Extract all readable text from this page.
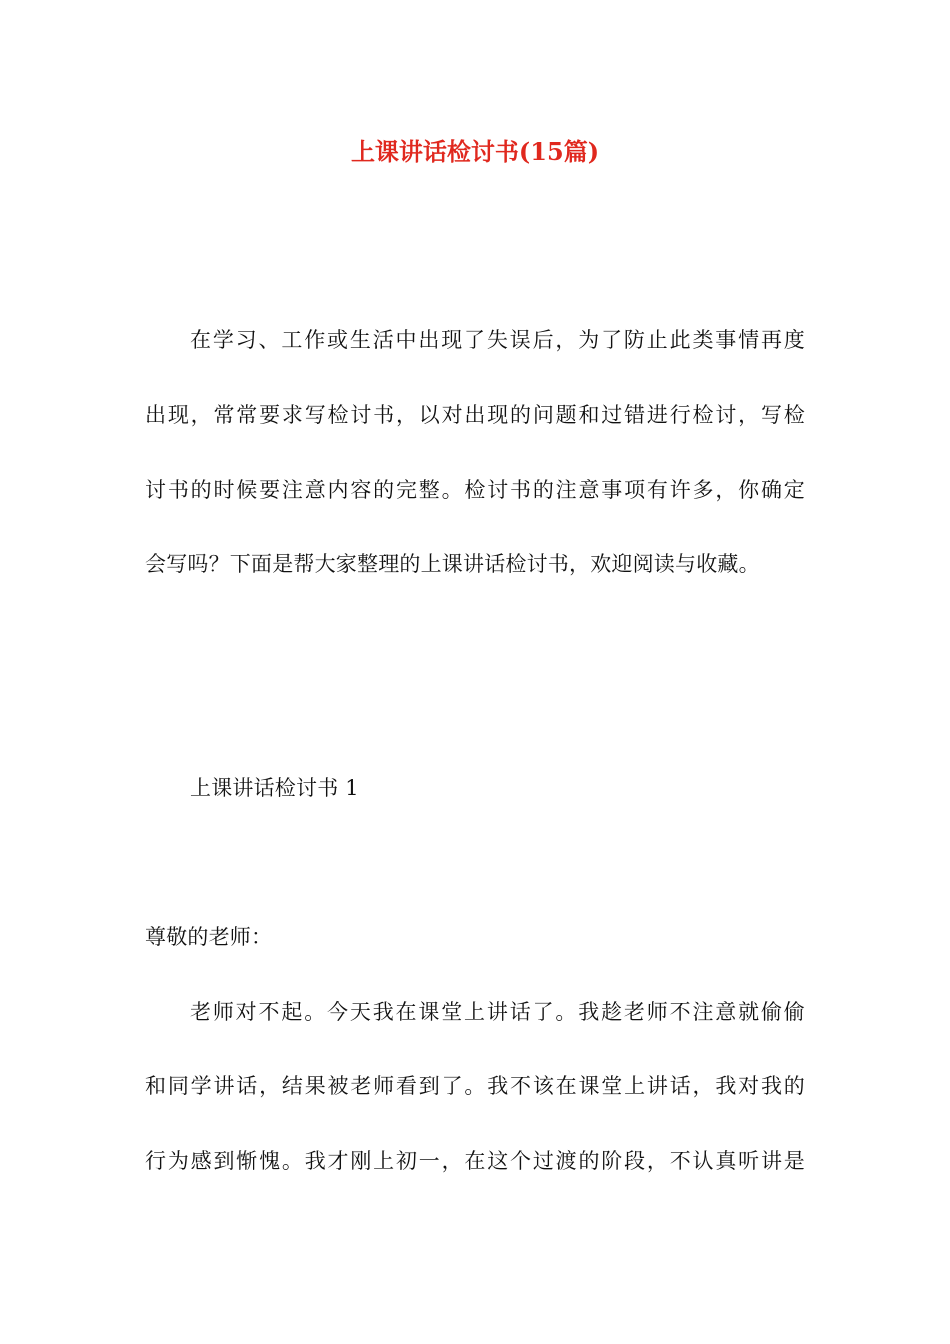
上课讲话检讨书(15篇)
在学习、工作或生活中出现了失误后，为了防止此类事情再度
出现，常常要求写检讨书，以对出现的问题和过错进行检讨，写检
讨书的时候要注意内容的完整。检讨书的注意事项有许多，你确定
会写吗？下面是帮大家整理的上课讲话检讨书，欢迎阅读与收藏。
上课讲话检讨书 1
尊敬的老师：
老师对不起。今天我在课堂上讲话了。我趁老师不注意就偷偷
和同学讲话，结果被老师看到了。我不该在课堂上讲话，我对我的
行为感到惭愧。我才刚上初一，在这个过渡的阶段，不认真听讲是
